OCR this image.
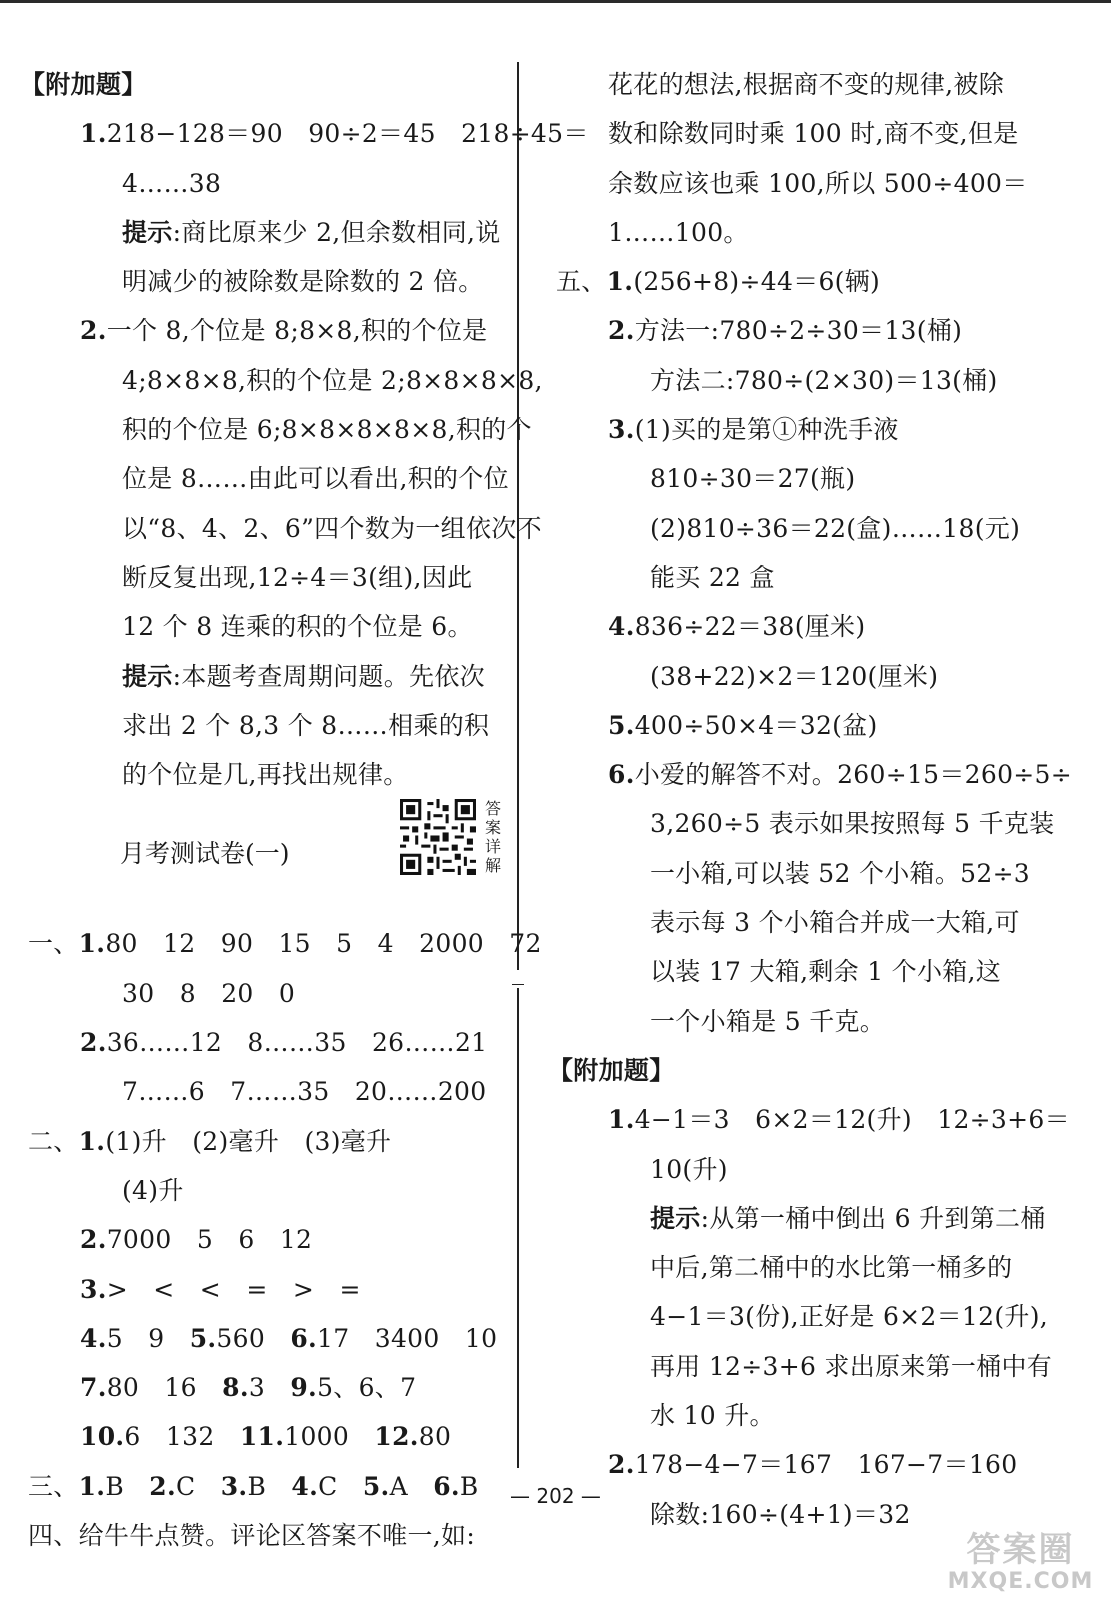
【附加题】
1.218−128＝90　90÷2＝45　218÷45＝
4……38
提示:商比原来少 2,但余数相同,说
明减少的被除数是除数的 2 倍。
2.一个 8,个位是 8;8×8,积的个位是
4;8×8×8,积的个位是 2;8×8×8×8,
积的个位是 6;8×8×8×8×8,积的个
位是 8……由此可以看出,积的个位
以“8、4、2、6”四个数为一组依次不
断反复出现,12÷4＝3(组),因此
12 个 8 连乘的积的个位是 6。
提示:本题考查周期问题。先依次
求出 2 个 8,3 个 8……相乘的积
的个位是几,再找出规律。
月考测试卷(一)
答案详解
一、1.80　12　90　15　5　4　2000　72
30　8　20　0
2.36……12　8……35　26……21
7……6　7……35　20……200
二、1.(1)升　(2)毫升　(3)毫升
(4)升
2.7000　5　6　12
3.>　<　<　=　>　=
4.5　9　5.560　6.17　3400　10
7.80　16　8.3　9.5、6、7
10.6　132　11.1000　12.80
三、1.B　2.C　3.B　4.C　5.A　6.B
四、给牛牛点赞。评论区答案不唯一,如:
花花的想法,根据商不变的规律,被除
数和除数同时乘 100 时,商不变,但是
余数应该也乘 100,所以 500÷400＝
1……100。
五、1.(256+8)÷44＝6(辆)
2.方法一:780÷2÷30＝13(桶)
方法二:780÷(2×30)＝13(桶)
3.(1)买的是第①种洗手液
810÷30＝27(瓶)
(2)810÷36＝22(盒)……18(元)
能买 22 盒
4.836÷22＝38(厘米)
(38+22)×2＝120(厘米)
5.400÷50×4＝32(盆)
6.小爱的解答不对。260÷15＝260÷5÷
3,260÷5 表示如果按照每 5 千克装
一小箱,可以装 52 个小箱。52÷3
表示每 3 个小箱合并成一大箱,可
以装 17 大箱,剩余 1 个小箱,这
一个小箱是 5 千克。
【附加题】
1.4−1＝3　6×2＝12(升)　12÷3+6＝
10(升)
提示:从第一桶中倒出 6 升到第二桶
中后,第二桶中的水比第一桶多的
4−1＝3(份),正好是 6×2＝12(升),
再用 12÷3+6 求出原来第一桶中有
水 10 升。
2.178−4−7＝167　167−7＝160
除数:160÷(4+1)＝32
— 202 —
答案圈
MXQE.COM
